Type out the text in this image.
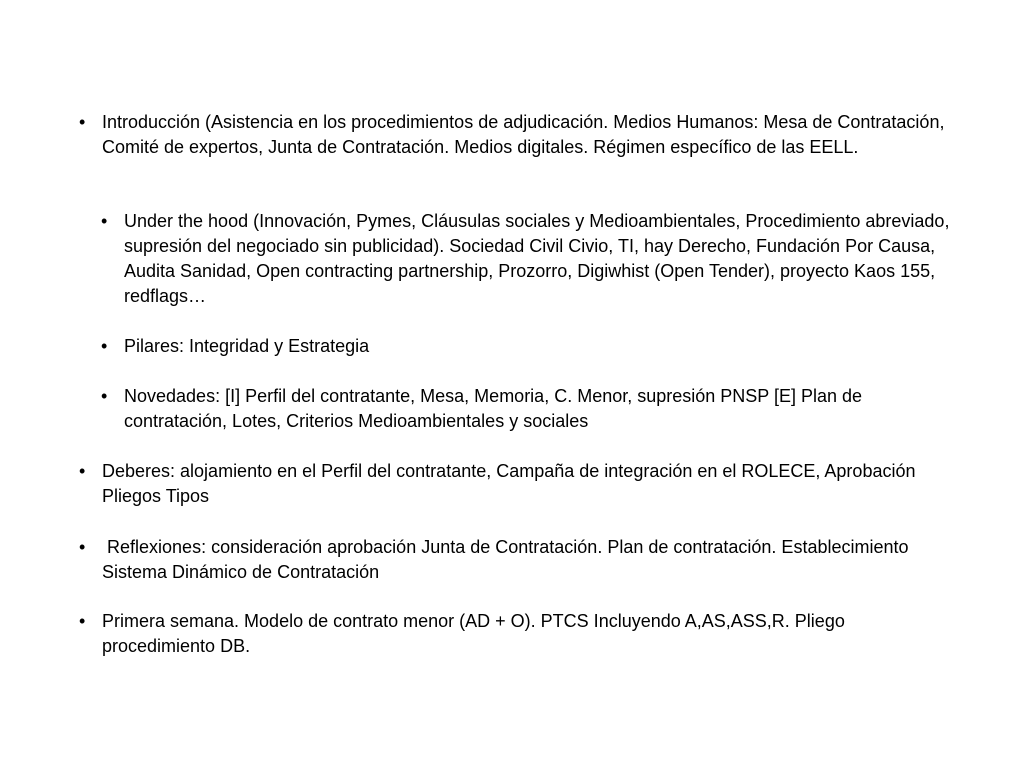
• Introducción (Asistencia en los procedimientos de adjudicación. Medios Humanos: Mesa de Contratación, Comité de expertos, Junta de Contratación. Medios digitales. Régimen específico de las EELL.
• Under the hood (Innovación, Pymes, Cláusulas sociales y Medioambientales, Procedimiento abreviado, supresión del negociado sin publicidad). Sociedad Civil Civio, TI, hay Derecho, Fundación Por Causa, Audita Sanidad, Open contracting partnership, Prozorro, Digiwhist (Open Tender), proyecto Kaos 155, redflags…
• Pilares: Integridad y Estrategia
• Novedades: [I] Perfil del contratante, Mesa, Memoria, C. Menor, supresión PNSP [E] Plan de contratación, Lotes, Criterios Medioambientales y sociales
• Deberes: alojamiento en el Perfil del contratante, Campaña de integración en el ROLECE, Aprobación Pliegos Tipos
• Reflexiones: consideración aprobación Junta de Contratación. Plan de contratación. Establecimiento Sistema Dinámico de Contratación
• Primera semana. Modelo de contrato menor (AD + O). PTCS Incluyendo A,AS,ASS,R. Pliego procedimiento DB.
